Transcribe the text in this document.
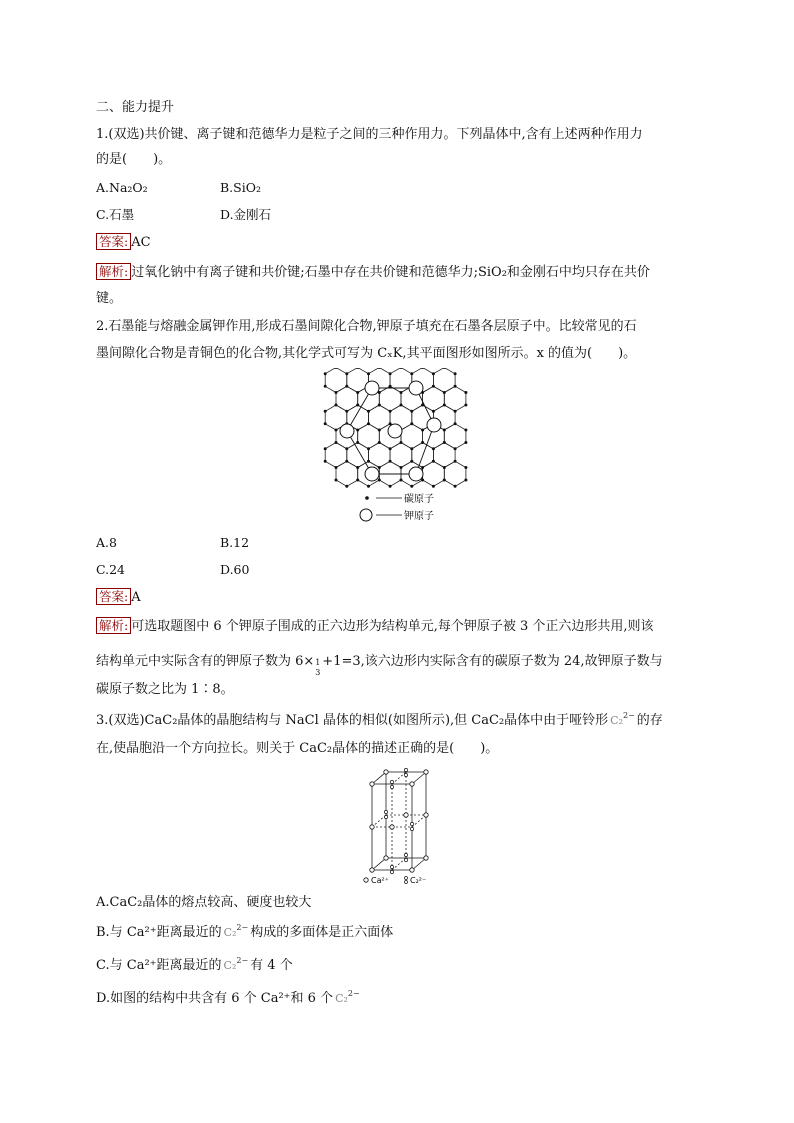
二、能力提升
1.(双选)共价键、离子键和范德华力是粒子之间的三种作用力。下列晶体中,含有上述两种作用力
的是(　　)。
A.Na₂O₂	B.SiO₂
C.石墨	D.金刚石
答案: AC
解析: 过氧化钠中有离子键和共价键;石墨中存在共价键和范德华力;SiO₂和金刚石中均只存在共价
键。
2.石墨能与熔融金属钾作用,形成石墨间隙化合物,钾原子填充在石墨各层原子中。比较常见的石
墨间隙化合物是青铜色的化合物,其化学式可写为 CₓK,其平面图形如图所示。x 的值为(　　)。
碳原子
钾原子
A.8	B.12
C.24	D.60
答案: A
解析: 可选取题图中 6 个钾原子围成的正六边形为结构单元,每个钾原子被 3 个正六边形共用,则该
结构单元中实际含有的钾原子数为 6× 1
3
+1=3,该六边形内实际含有的碳原子数为 24,故钾原子数与
碳原子数之比为 1∶8。
3.(双选)CaC₂晶体的晶胞结构与 NaCl 晶体的相似(如图所示),但 CaC₂晶体中由于哑铃形 C₂$^{2-}$ 的存
在,使晶胞沿一个方向拉长。则关于 CaC₂晶体的描述正确的是(　　)。
Ca²⁺	C₂²⁻
A.CaC₂晶体的熔点较高、硬度也较大
B.与 Ca²⁺距离最近的 C₂$^{2-}$ 构成的多面体是正六面体
C.与 Ca²⁺距离最近的 C₂$^{2-}$ 有 4 个
D.如图的结构中共含有 6 个 Ca²⁺和 6 个 C₂$^{2-}$
